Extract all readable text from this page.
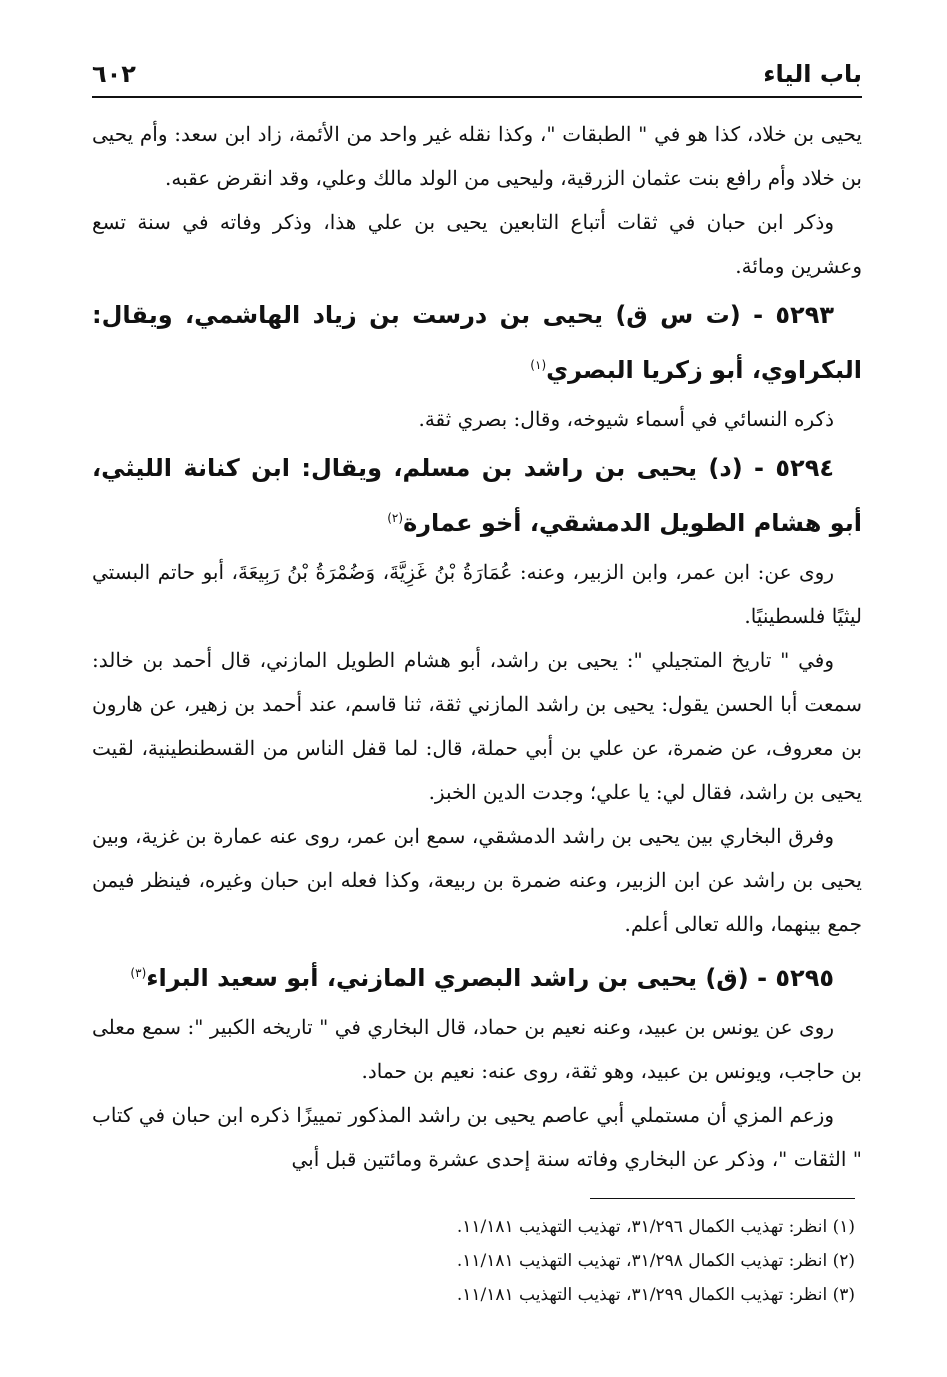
باب الياء
٦٠٢

يحيى بن خلاد، كذا هو في " الطبقات "، وكذا نقله غير واحد من الأئمة، زاد ابن سعد: وأم يحيى بن خلاد وأم رافع بنت عثمان الزرقية، وليحيى من الولد مالك وعلي، وقد انقرض عقبه.

وذكر ابن حبان في ثقات أتباع التابعين يحيى بن علي هذا، وذكر وفاته في سنة تسع وعشرين ومائة.

٥٢٩٣ - (ت س ق) يحيى بن درست بن زياد الهاشمي، ويقال: البكراوي، أبو زكريا البصري$^{(١)}$

ذكره النسائي في أسماء شيوخه، وقال: بصري ثقة.

٥٢٩٤ - (د) يحيى بن راشد بن مسلم، ويقال: ابن كنانة الليثي، أبو هشام الطويل الدمشقي، أخو عمارة$^{(٢)}$

روى عن: ابن عمر، وابن الزبير، وعنه: عُمَارَةُ بْنُ غَزِيَّةَ، وَضُمْرَةُ بْنُ رَبِيعَةَ، أبو حاتم البستي ليثيًا فلسطينيًا.

وفي " تاريخ المتجيلي ": يحيى بن راشد، أبو هشام الطويل المازني، قال أحمد بن خالد: سمعت أبا الحسن يقول: يحيى بن راشد المازني ثقة، ثنا قاسم، عند أحمد بن زهير، عن هارون بن معروف، عن ضمرة، عن علي بن أبي حملة، قال: لما قفل الناس من القسطنطينية، لقيت يحيى بن راشد، فقال لي: يا علي؛ وجدت الدين الخبز.

وفرق البخاري بين يحيى بن راشد الدمشقي، سمع ابن عمر، روى عنه عمارة بن غزية، وبين يحيى بن راشد عن ابن الزبير، وعنه ضمرة بن ربيعة، وكذا فعله ابن حبان وغيره، فينظر فيمن جمع بينهما، والله تعالى أعلم.

٥٢٩٥ - (ق) يحيى بن راشد البصري المازني، أبو سعيد البراء$^{(٣)}$

روى عن يونس بن عبيد، وعنه نعيم بن حماد، قال البخاري في " تاريخه الكبير ": سمع معلى بن حاجب، ويونس بن عبيد، وهو ثقة، روى عنه: نعيم بن حماد.

وزعم المزي أن مستملي أبي عاصم يحيى بن راشد المذكور تمييزًا ذكره ابن حبان في كتاب " الثقات "، وذكر عن البخاري وفاته سنة إحدى عشرة ومائتين قبل أبي

(١) انظر: تهذيب الكمال ٣١/٢٩٦، تهذيب التهذيب ١١/١٨١.

(٢) انظر: تهذيب الكمال ٣١/٢٩٨، تهذيب التهذيب ١١/١٨١.

(٣) انظر: تهذيب الكمال ٣١/٢٩٩، تهذيب التهذيب ١١/١٨١.
